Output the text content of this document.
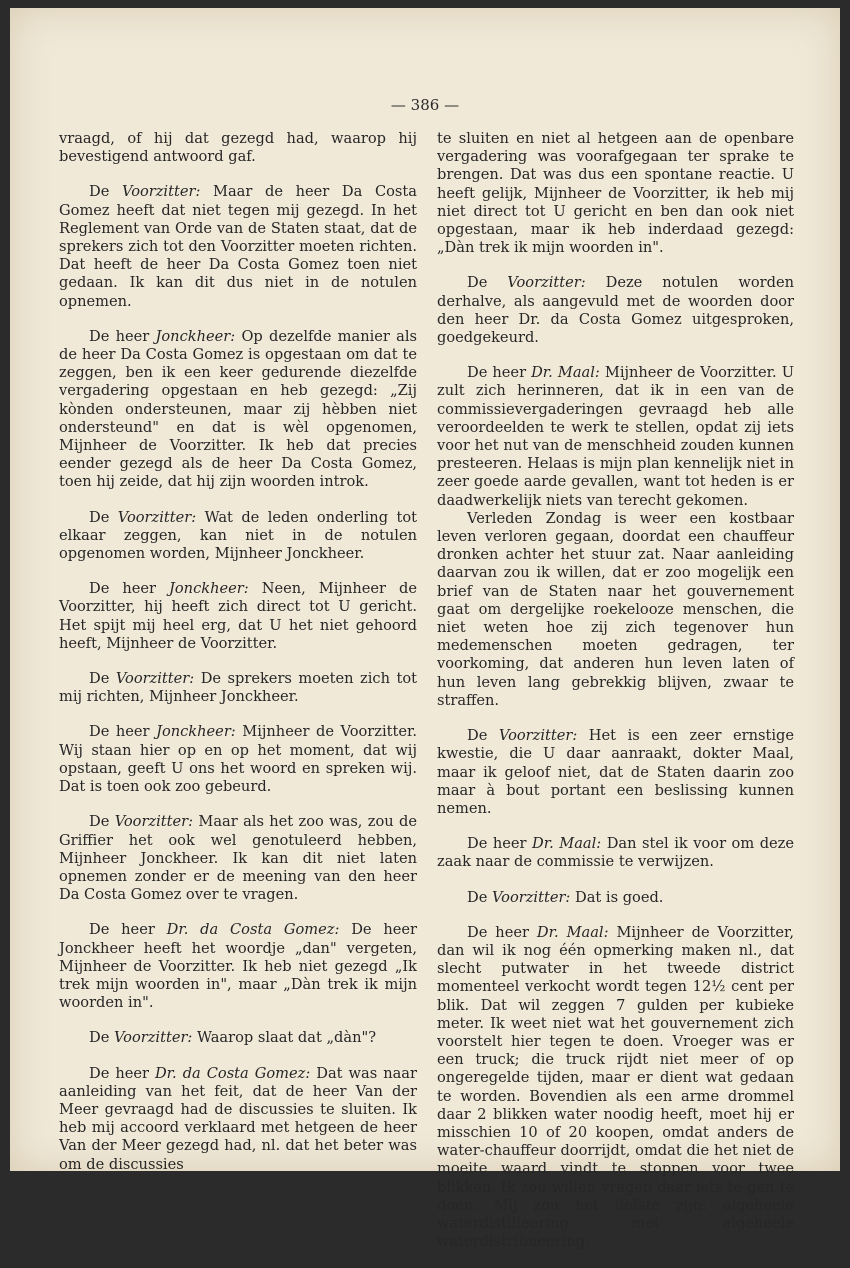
— 386 —

vraagd, of hij dat gezegd had, waarop hij bevestigend antwoord gaf.

De Voorzitter: Maar de heer Da Costa Gomez heeft dat niet tegen mij gezegd. In het Reglement van Orde van de Staten staat, dat de sprekers zich tot den Voorzitter moeten richten. Dat heeft de heer Da Costa Gomez toen niet gedaan. Ik kan dit dus niet in de notulen opnemen.

De heer Jonckheer: Op dezelfde manier als de heer Da Costa Gomez is opgestaan om dat te zeggen, ben ik een keer gedurende diezelfde vergadering opgestaan en heb gezegd: „Zij kònden ondersteunen, maar zij hèbben niet ondersteund" en dat is wèl opgenomen, Mijnheer de Voorzitter. Ik heb dat precies eender gezegd als de heer Da Costa Gomez, toen hij zeide, dat hij zijn woorden introk.

De Voorzitter: Wat de leden onderling tot elkaar zeggen, kan niet in de notulen opgenomen worden, Mijnheer Jonckheer.

De heer Jonckheer: Neen, Mijnheer de Voorzitter, hij heeft zich direct tot U gericht. Het spijt mij heel erg, dat U het niet gehoord heeft, Mijnheer de Voorzitter.

De Voorzitter: De sprekers moeten zich tot mij richten, Mijnheer Jonckheer.

De heer Jonckheer: Mijnheer de Voorzitter. Wij staan hier op en op het moment, dat wij opstaan, geeft U ons het woord en spreken wij. Dat is toen ook zoo gebeurd.

De Voorzitter: Maar als het zoo was, zou de Griffier het ook wel genotuleerd hebben, Mijnheer Jonckheer. Ik kan dit niet laten opnemen zonder er de meening van den heer Da Costa Gomez over te vragen.

De heer Dr. da Costa Gomez: De heer Jonckheer heeft het woordje „dan" vergeten, Mijnheer de Voorzitter. Ik heb niet gezegd „Ik trek mijn woorden in", maar „Dàn trek ik mijn woorden in".

De Voorzitter: Waarop slaat dat „dàn"?

De heer Dr. da Costa Gomez: Dat was naar aanleiding van het feit, dat de heer Van der Meer gevraagd had de discussies te sluiten. Ik heb mij accoord verklaard met hetgeen de heer Van der Meer gezegd had, nl. dat het beter was om de discussies

te sluiten en niet al hetgeen aan de openbare vergadering was voorafgegaan ter sprake te brengen. Dat was dus een spontane reactie. U heeft gelijk, Mijnheer de Voorzitter, ik heb mij niet direct tot U gericht en ben dan ook niet opgestaan, maar ik heb inderdaad gezegd: „Dàn trek ik mijn woorden in".

De Voorzitter: Deze notulen worden derhalve, als aangevuld met de woorden door den heer Dr. da Costa Gomez uitgesproken, goedgekeurd.

De heer Dr. Maal: Mijnheer de Voorzitter. U zult zich herinneren, dat ik in een van de commissievergaderingen gevraagd heb alle veroordeelden te werk te stellen, opdat zij iets voor het nut van de menschheid zouden kunnen presteeren. Helaas is mijn plan kennelijk niet in zeer goede aarde gevallen, want tot heden is er daadwerkelijk niets van terecht gekomen.

Verleden Zondag is weer een kostbaar leven verloren gegaan, doordat een chauffeur dronken achter het stuur zat. Naar aanleiding daarvan zou ik willen, dat er zoo mogelijk een brief van de Staten naar het gouvernement gaat om dergelijke roekelooze menschen, die niet weten hoe zij zich tegenover hun medemenschen moeten gedragen, ter voorkoming, dat anderen hun leven laten of hun leven lang gebrekkig blijven, zwaar te straffen.

De Voorzitter: Het is een zeer ernstige kwestie, die U daar aanraakt, dokter Maal, maar ik geloof niet, dat de Staten daarin zoo maar à bout portant een beslissing kunnen nemen.

De heer Dr. Maal: Dan stel ik voor om deze zaak naar de commissie te verwijzen.

De Voorzitter: Dat is goed.

De heer Dr. Maal: Mijnheer de Voorzitter, dan wil ik nog één opmerking maken nl., dat slecht putwater in het tweede district momenteel verkocht wordt tegen 12½ cent per blik. Dat wil zeggen 7 gulden per kubieke meter. Ik weet niet wat het gouvernement zich voorstelt hier tegen te doen. Vroeger was er een truck; die truck rijdt niet meer of op ongeregelde tijden, maar er dient wat gedaan te worden. Bovendien als een arme drommel daar 2 blikken water noodig heeft, moet hij er misschien 10 of 20 koopen, omdat anders de water-chauffeur doorrijdt, omdat die het niet de moeite waard vindt te stoppen voor twee blikken. Ik zou willen vragen daar iets te gen te doen. Mij zou het liefste zijn: algeheele waterdistilleering met algeheele waterdistribueering.
